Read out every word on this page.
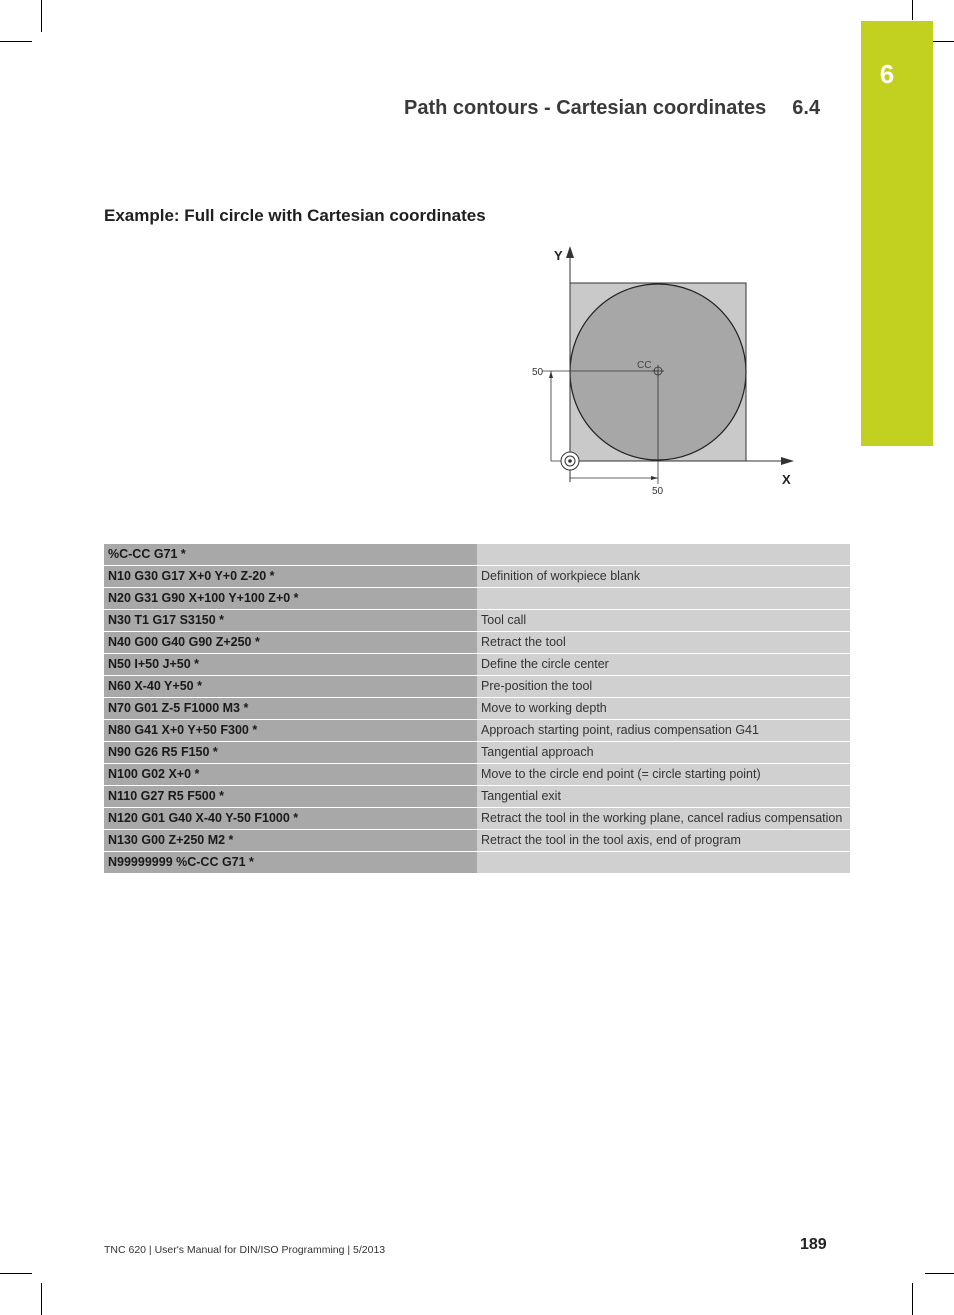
6
Path contours - Cartesian coordinates 6.4
Example: Full circle with Cartesian coordinates
Y
X
CC
50
50
%C-CC G71 *	
N10 G30 G17 X+0 Y+0 Z-20 *	Definition of workpiece blank
N20 G31 G90 X+100 Y+100 Z+0 *	
N30 T1 G17 S3150 *	Tool call
N40 G00 G40 G90 Z+250 *	Retract the tool
N50 I+50 J+50 *	Define the circle center
N60 X-40 Y+50 *	Pre-position the tool
N70 G01 Z-5 F1000 M3 *	Move to working depth
N80 G41 X+0 Y+50 F300 *	Approach starting point, radius compensation G41
N90 G26 R5 F150 *	Tangential approach
N100 G02 X+0 *	Move to the circle end point (= circle starting point)
N110 G27 R5 F500 *	Tangential exit
N120 G01 G40 X-40 Y-50 F1000 *	Retract the tool in the working plane, cancel radius compensation
N130 G00 Z+250 M2 *	Retract the tool in the tool axis, end of program
N99999999 %C-CC G71 *	
TNC 620 | User's Manual for DIN/ISO Programming | 5/2013	189
